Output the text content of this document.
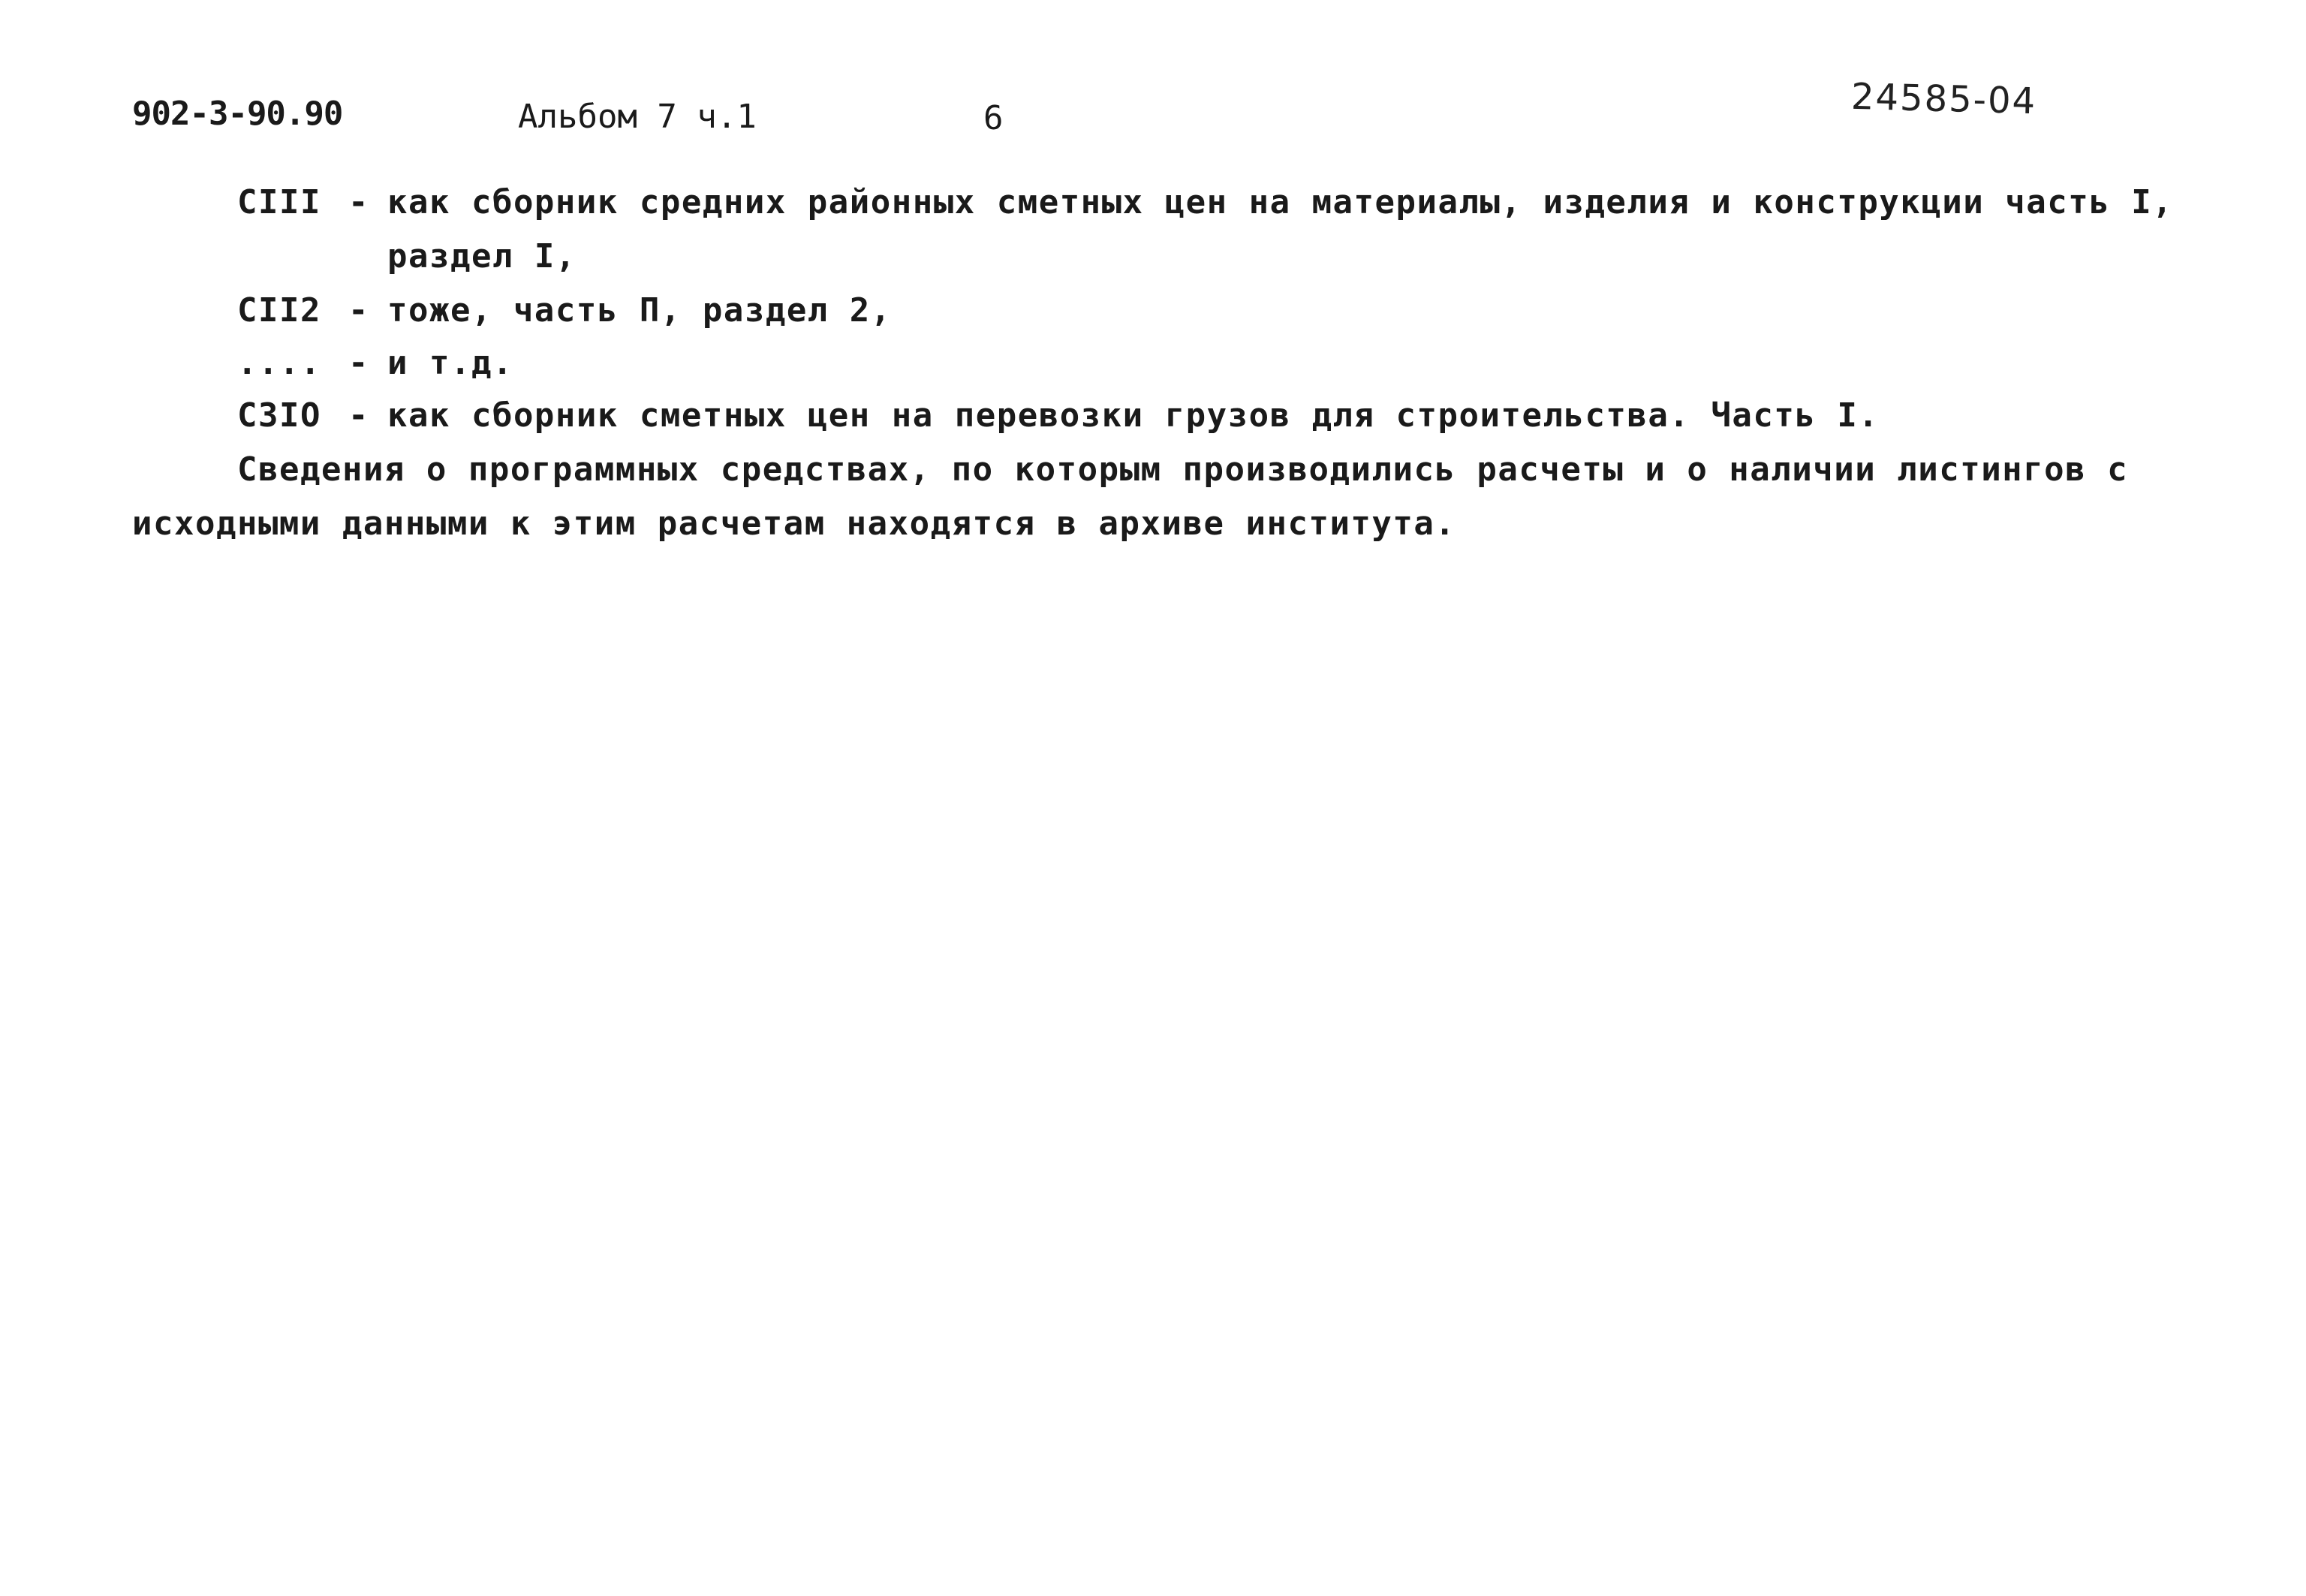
902-3-90.90	Альбом 7 ч.1	6	24585-04
CIII - как сборник средних районных сметных цен на материалы, изделия и конструкции часть I,
раздел I,
CII2 - тоже, часть П, раздел 2,
.... - и т.д.
C3IO - как сборник сметных цен на перевозки грузов для строительства. Часть I.
Сведения о программных средствах, по которым производились расчеты и о наличии листингов с
исходными данными к этим расчетам находятся в архиве института.
